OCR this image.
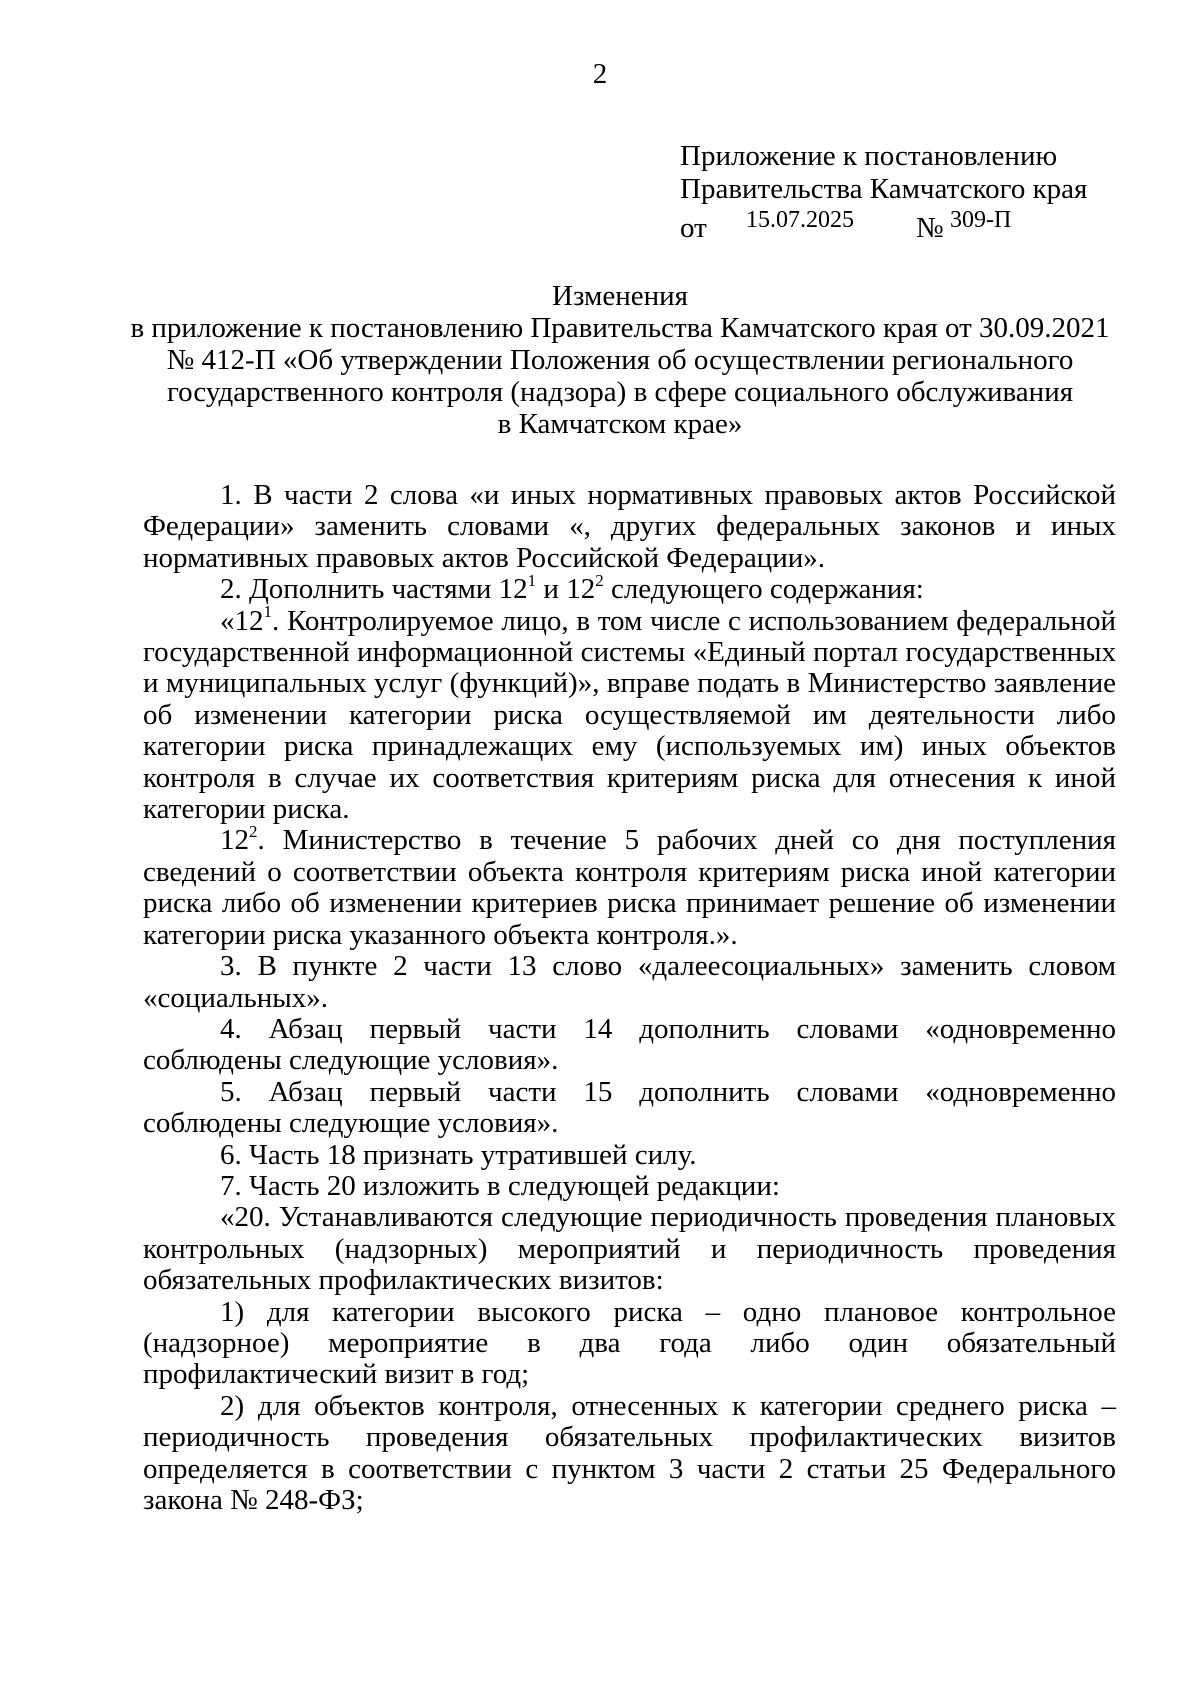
2
Приложение к постановлению
Правительства Камчатского края
от 15.07.2025 № 309-П
Изменения
в приложение к постановлению Правительства Камчатского края от 30.09.2021
№ 412-П «Об утверждении Положения об осуществлении регионального
государственного контроля (надзора) в сфере социального обслуживания
в Камчатском крае»

1. В части 2 слова «и иных нормативных правовых актов Российской Федерации» заменить словами «, других федеральных законов и иных нормативных правовых актов Российской Федерации».

2. Дополнить частями $12^1$ и $12^2$ следующего содержания:

«$12^1$. Контролируемое лицо, в том числе с использованием федеральной государственной информационной системы «Единый портал государственных и муниципальных услуг (функций)», вправе подать в Министерство заявление об изменении категории риска осуществляемой им деятельности либо категории риска принадлежащих ему (используемых им) иных объектов контроля в случае их соответствия критериям риска для отнесения к иной категории риска.

$12^2$. Министерство в течение 5 рабочих дней со дня поступления сведений о соответствии объекта контроля критериям риска иной категории риска либо об изменении критериев риска принимает решение об изменении категории риска указанного объекта контроля.».

3. В пункте 2 части 13 слово «далеесоциальных» заменить словом «социальных».

4. Абзац первый части 14 дополнить словами «одновременно соблюдены следующие условия».

5. Абзац первый части 15 дополнить словами «одновременно соблюдены следующие условия».

6. Часть 18 признать утратившей силу.

7. Часть 20 изложить в следующей редакции:

«20. Устанавливаются следующие периодичность проведения плановых контрольных (надзорных) мероприятий и периодичность проведения обязательных профилактических визитов:

1) для категории высокого риска – одно плановое контрольное (надзорное) мероприятие в два года либо один обязательный профилактический визит в год;

2) для объектов контроля, отнесенных к категории среднего риска – периодичность проведения обязательных профилактических визитов определяется в соответствии с пунктом 3 части 2 статьи 25 Федерального закона № 248-ФЗ;
